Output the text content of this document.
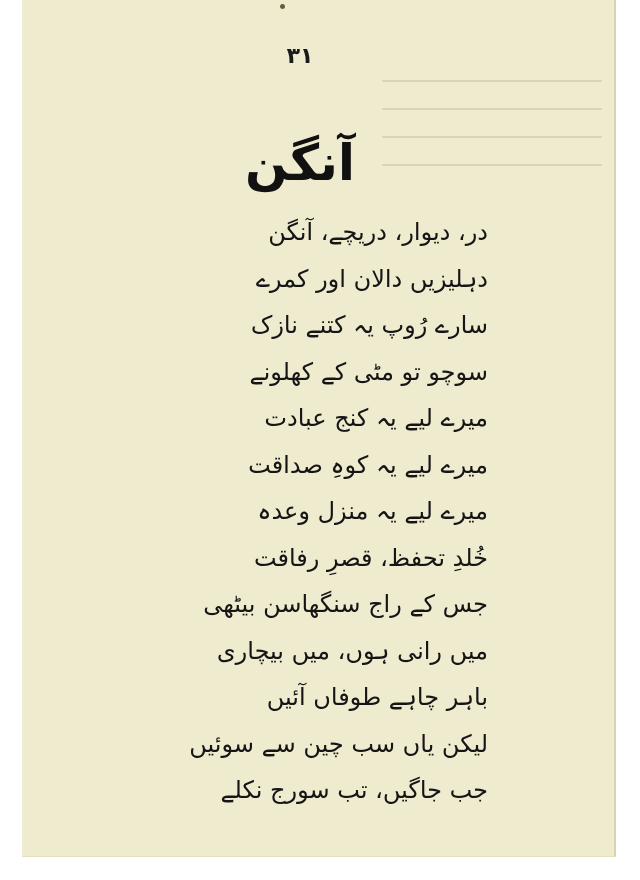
۳۱
آنگن
در، دیوار، دریچے، آنگن
دہلیزیں دالان اور کمرے
سارے رُوپ یہ کتنے نازک
سوچو تو مٹی کے کھلونے
میرے لیے یہ کنج عبادت
میرے لیے یہ کوہِ صداقت
میرے لیے یہ منزل وعدہ
خُلدِ تحفظ، قصرِ رفاقت
جس کے راج سنگھاسن بیٹھی
میں رانی ہوں، میں بیچاری
باہر چاہے طوفاں آئیں
لیکن یاں سب چین سے سوئیں
جب جاگیں، تب سورج نکلے
